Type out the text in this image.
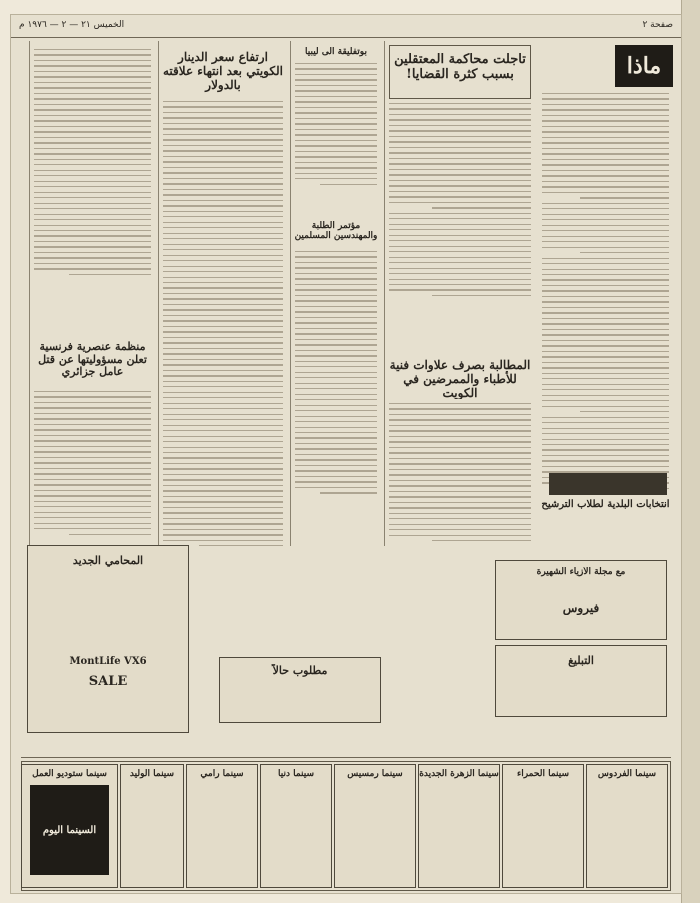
صفحة ٢
الخميس ٢١ — ٢ — ١٩٧٦ م
ماذا
انتخابات البلدية لطلاب الترشيح
تأجلت محاكمة المعتقلين بسبب كثرة القضايا!
المطالبة بصرف علاوات فنية للأطباء والممرضين في الكويت
بوتفليقة الى ليبيا
مؤتمر الطلبة والمهندسين المسلمين
ارتفاع سعر الدينار الكويتي بعد انتهاء علاقته بالدولار
منظمة عنصرية فرنسية تعلن مسؤوليتها عن قتل عامل جزائري
مطلوب حالاً
مع مجلة الأزياء الشهيرة
فيروس
التبليغ
المحامي الجديد
MontLife VX6
SALE
سينما الفردوس
سينما الحمراء
سينما الزهرة الجديدة
سينما رمسيس
سينما دنيا
سينما رامي
سينما الوليد
سينما ستوديو العمل
السينما اليوم
